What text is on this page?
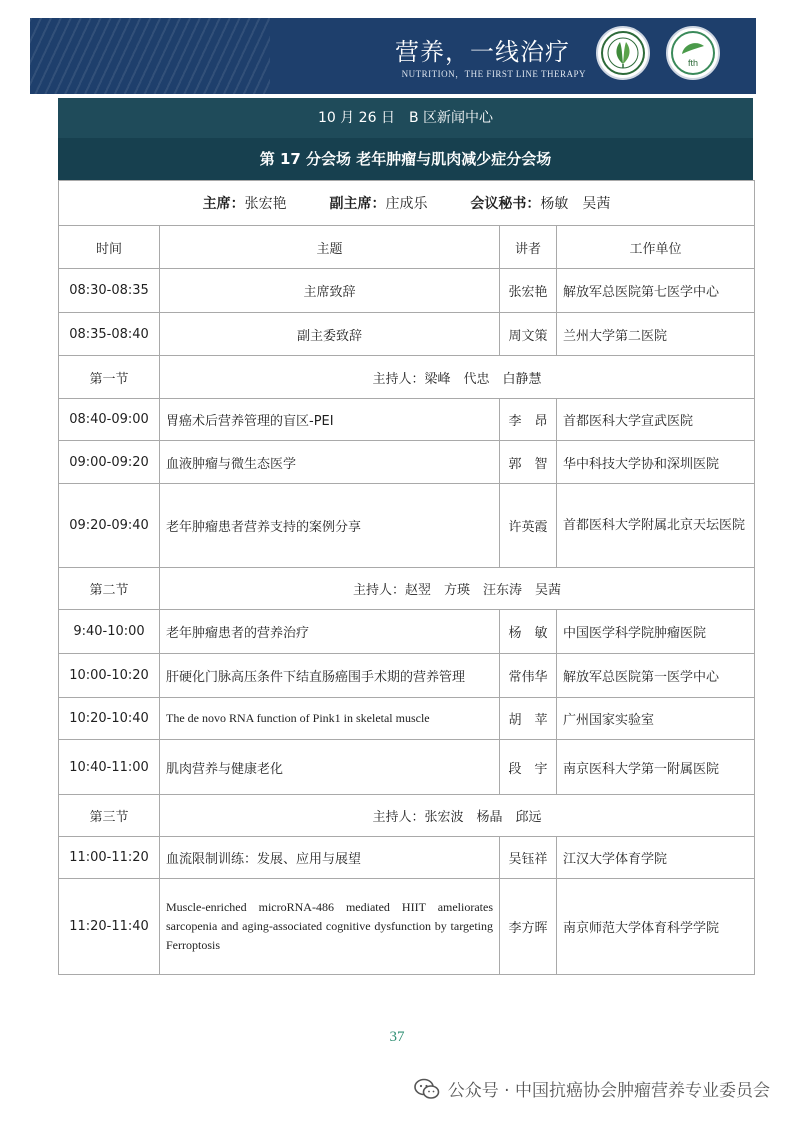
营养，一线治疗
NUTRITION，THE FIRST LINE THERAPY
fth
10 月 26 日　B 区新闻中心
第 17 分会场 老年肿瘤与肌肉减少症分会场
主席：张宏艳 副主席：庄成乐 会议秘书：杨敏　吴茜			
时间	主题	讲者	工作单位
08:30-08:35	主席致辞	张宏艳	解放军总医院第七医学中心
08:35-08:40	副主委致辞	周文策	兰州大学第二医院
第一节	主持人：梁峰　代忠　白静慧		
08:40-09:00	胃癌术后营养管理的盲区-PEI	李　昂	首都医科大学宣武医院
09:00-09:20	血液肿瘤与微生态医学	郭　智	华中科技大学协和深圳医院
09:20-09:40	老年肿瘤患者营养支持的案例分享	许英霞	首都医科大学附属北京天坛医院
第二节	主持人：赵翌　方瑛　汪东涛　吴茜		
9:40-10:00	老年肿瘤患者的营养治疗	杨　敏	中国医学科学院肿瘤医院
10:00-10:20	肝硬化门脉高压条件下结直肠癌围手术期的营养管理	常伟华	解放军总医院第一医学中心
10:20-10:40	The de novo RNA function of Pink1 in skeletal muscle	胡　苹	广州国家实验室
10:40-11:00	肌肉营养与健康老化	段　宇	南京医科大学第一附属医院
第三节	主持人：张宏波　杨晶　邱远		
11:00-11:20	血流限制训练：发展、应用与展望	吴钰祥	江汉大学体育学院
11:20-11:40	Muscle-enriched microRNA-486 mediated HIIT ameliorates sarcopenia and aging-associated cognitive dysfunction by targeting Ferroptosis	李方晖	南京师范大学体育科学学院
37
公众号 · 中国抗癌协会肿瘤营养专业委员会
